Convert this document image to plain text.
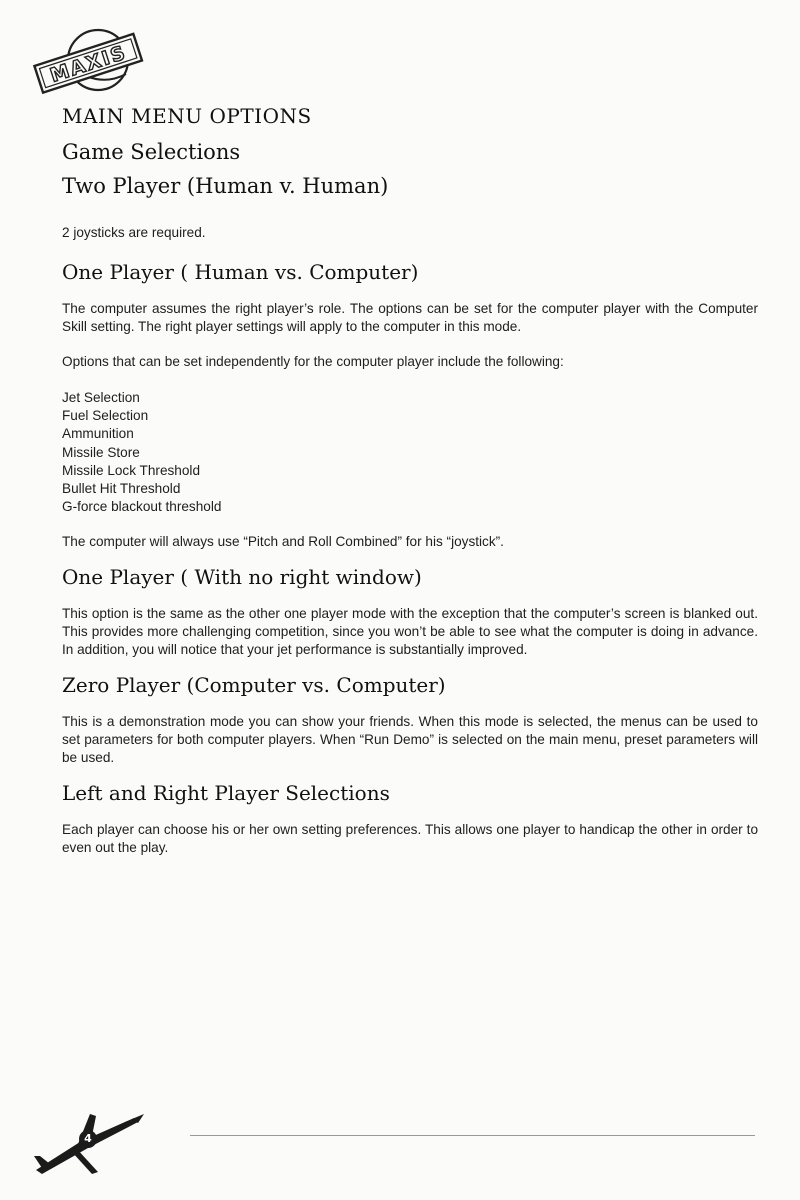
MAXIS
MAIN MENU OPTIONS
Game Selections
Two Player (Human v. Human)

2 joysticks are required.

One Player ( Human vs. Computer)

The computer assumes the right player’s role. The options can be set for the computer player with the Computer Skill setting. The right player settings will apply to the computer in this mode.

Options that can be set independently for the computer player include the following:

Jet Selection
Fuel Selection
Ammunition
Missile Store
Missile Lock Threshold
Bullet Hit Threshold
G-force blackout threshold

The computer will always use “Pitch and Roll Combined” for his “joystick”.

One Player ( With no right window)

This option is the same as the other one player mode with the exception that the computer’s screen is blanked out. This provides more challenging competition, since you won’t be able to see what the computer is doing in advance. In addition, you will notice that your jet performance is substantially improved.

Zero Player (Computer vs. Computer)

This is a demonstration mode you can show your friends. When this mode is selected, the menus can be used to set parameters for both computer players. When “Run Demo” is selected on the main menu, preset parameters will be used.

Left and Right Player Selections

Each player can choose his or her own setting preferences. This allows one player to handicap the other in order to even out the play.

4
